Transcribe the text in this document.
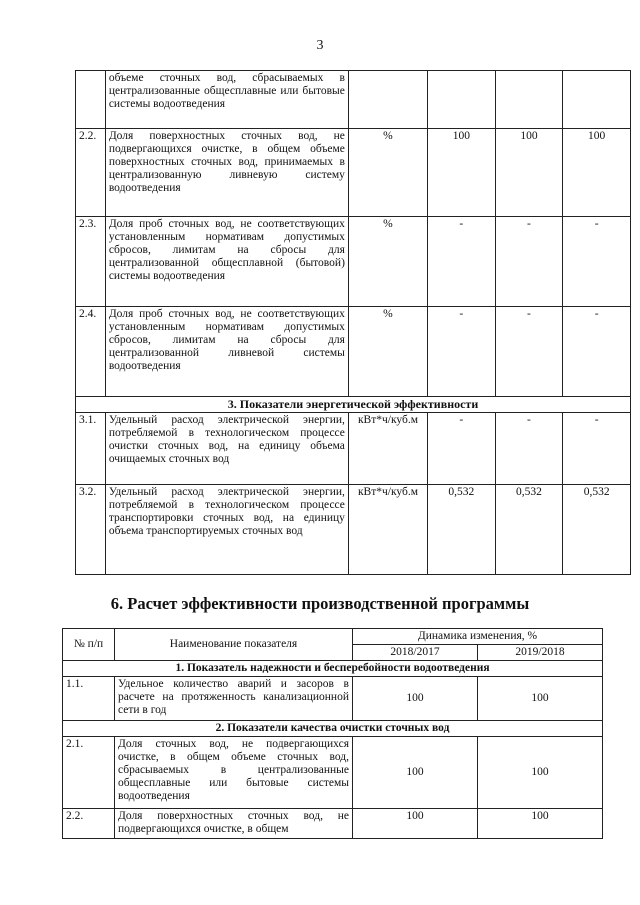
3
	объеме сточных вод, сбрасываемых в централизованные общесплавные или бытовые системы водоотведения				
2.2.	Доля поверхностных сточных вод, не подвергающихся очистке, в общем объеме поверхностных сточных вод, принимаемых в централизованную ливневую систему водоотведения	%	100	100	100
2.3.	Доля проб сточных вод, не соответствующих установленным нормативам допустимых сбросов, лимитам на сбросы для централизованной общесплавной (бытовой) системы водоотведения	%	-	-	-
2.4.	Доля проб сточных вод, не соответствующих установленным нормативам допустимых сбросов, лимитам на сбросы для централизованной ливневой системы водоотведения	%	-	-	-
3. Показатели энергетической эффективности					
3.1.	Удельный расход электрической энергии, потребляемой в технологическом процессе очистки сточных вод, на единицу объема очищаемых сточных вод	кВт*ч/куб.м	-	-	-
3.2.	Удельный расход электрической энергии, потребляемой в технологическом процессе транспортировки сточных вод, на единицу объема транспортируемых сточных вод	кВт*ч/куб.м	0,532	0,532	0,532
6. Расчет эффективности производственной программы
№ п/п	Наименование показателя	Динамика изменения, %	
		2018/2017	2019/2018
1. Показатель надежности и бесперебойности водоотведения			
1.1.	Удельное количество аварий и засоров в расчете на протяженность канализационной сети в год	100	100
2. Показатели качества очистки сточных вод			
2.1.	Доля сточных вод, не подвергающихся очистке, в общем объеме сточных вод, сбрасываемых в централизованные общесплавные или бытовые системы водоотведения	100	100
2.2.	Доля поверхностных сточных вод, не подвергающихся очистке, в общем	100	100
